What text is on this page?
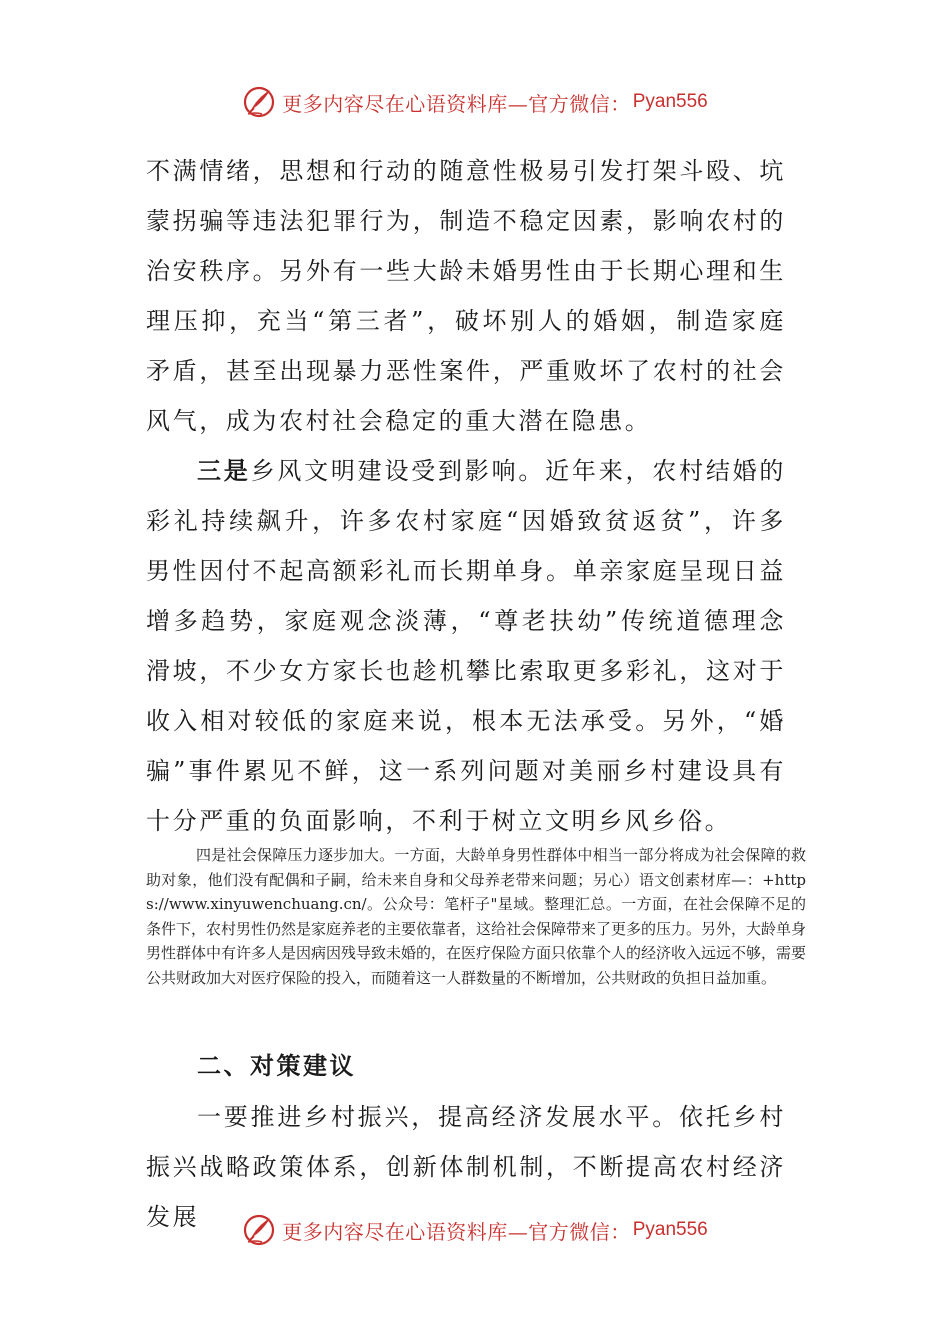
更多内容尽在心语资料库—官方微信： Pyan556

不满情绪，思想和行动的随意性极易引发打架斗殴、坑蒙拐骗等违法犯罪行为，制造不稳定因素，影响农村的治安秩序。另外有一些大龄未婚男性由于长期心理和生理压抑，充当“第三者”，破坏别人的婚姻，制造家庭矛盾，甚至出现暴力恶性案件，严重败坏了农村的社会风气，成为农村社会稳定的重大潜在隐患。

三是乡风文明建设受到影响。近年来，农村结婚的彩礼持续飙升，许多农村家庭“因婚致贫返贫”，许多男性因付不起高额彩礼而长期单身。单亲家庭呈现日益增多趋势，家庭观念淡薄，“尊老扶幼”传统道德理念滑坡，不少女方家长也趁机攀比索取更多彩礼，这对于收入相对较低的家庭来说，根本无法承受。另外，“婚骗”事件累见不鲜，这一系列问题对美丽乡村建设具有十分严重的负面影响，不利于树立文明乡风乡俗。

四是社会保障压力逐步加大。一方面，大龄单身男性群体中相当一部分将成为社会保障的救助对象，他们没有配偶和子嗣，给未来自身和父母养老带来问题；另心）语文创素材库—：+https://www.xinyuwenchuang.cn/。公众号：笔杆子"星域。整理汇总。一方面，在社会保障不足的条件下，农村男性仍然是家庭养老的主要依靠者，这给社会保障带来了更多的压力。另外，大龄单身男性群体中有许多人是因病因残导致未婚的，在医疗保险方面只依靠个人的经济收入远远不够，需要公共财政加大对医疗保险的投入，而随着这一人群数量的不断增加，公共财政的负担日益加重。

二、对策建议

一要推进乡村振兴，提高经济发展水平。依托乡村振兴战略政策体系，创新体制机制，不断提高农村经济发展

更多内容尽在心语资料库—官方微信： Pyan556
